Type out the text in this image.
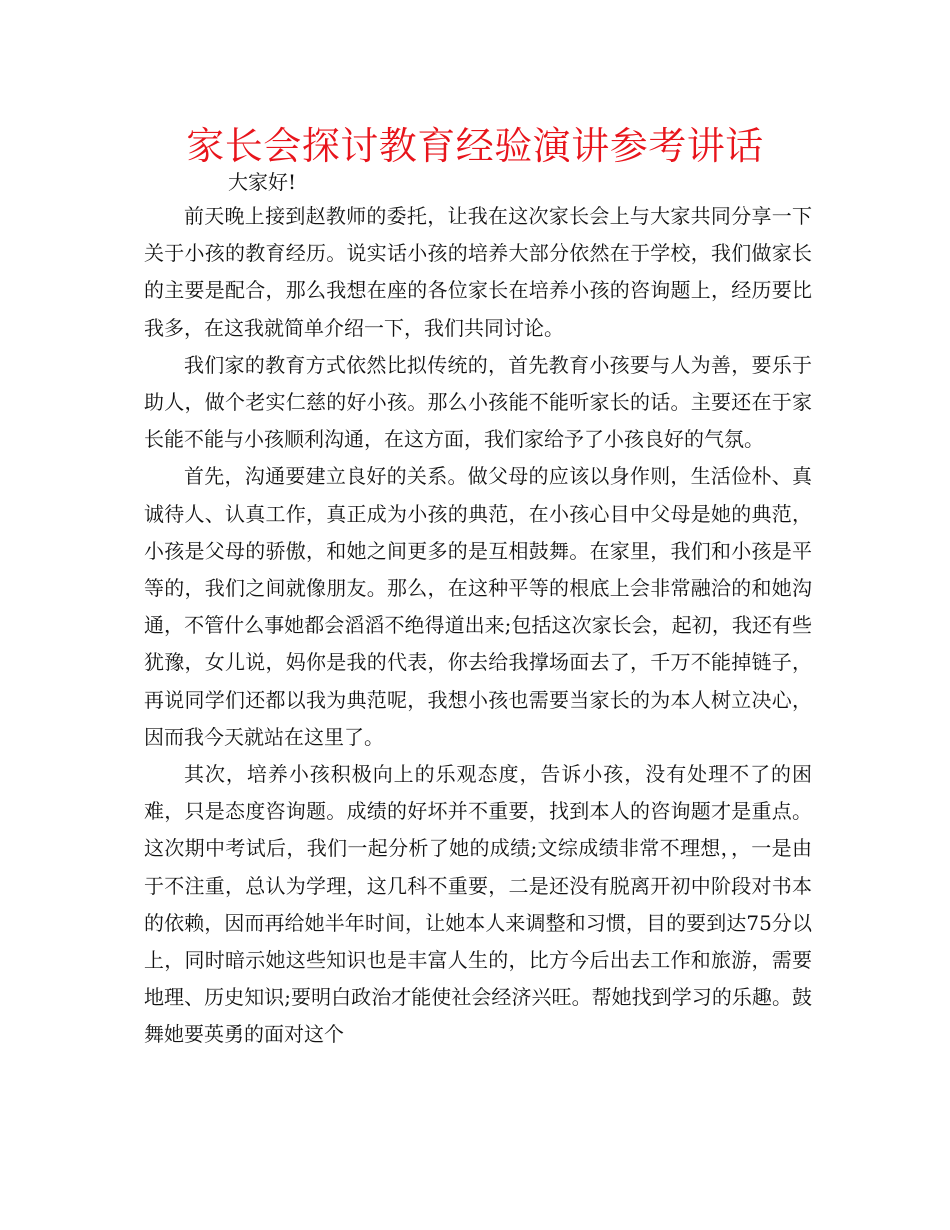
家长会探讨教育经验演讲参考讲话
大家好!

前天晚上接到赵教师的委托，让我在这次家长会上与大家共同分享一下关于小孩的教育经历。说实话小孩的培养大部分依然在于学校，我们做家长的主要是配合，那么我想在座的各位家长在培养小孩的咨询题上，经历要比我多，在这我就简单介绍一下，我们共同讨论。

我们家的教育方式依然比拟传统的，首先教育小孩要与人为善，要乐于助人，做个老实仁慈的好小孩。那么小孩能不能听家长的话。主要还在于家长能不能与小孩顺利沟通，在这方面，我们家给予了小孩良好的气氛。

首先，沟通要建立良好的关系。做父母的应该以身作则，生活俭朴、真诚待人、认真工作，真正成为小孩的典范，在小孩心目中父母是她的典范，小孩是父母的骄傲，和她之间更多的是互相鼓舞。在家里，我们和小孩是平等的，我们之间就像朋友。那么，在这种平等的根底上会非常融洽的和她沟通，不管什么事她都会滔滔不绝得道出来;包括这次家长会，起初，我还有些犹豫，女儿说，妈你是我的代表，你去给我撑场面去了，千万不能掉链子，再说同学们还都以我为典范呢，我想小孩也需要当家长的为本人树立决心，因而我今天就站在这里了。

其次，培养小孩积极向上的乐观态度，告诉小孩，没有处理不了的困难，只是态度咨询题。成绩的好坏并不重要，找到本人的咨询题才是重点。这次期中考试后，我们一起分析了她的成绩;文综成绩非常不理想，，一是由于不注重，总认为学理，这几科不重要，二是还没有脱离开初中阶段对书本的依赖，因而再给她半年时间，让她本人来调整和习惯，目的要到达75分以上，同时暗示她这些知识也是丰富人生的，比方今后出去工作和旅游，需要地理、历史知识;要明白政治才能使社会经济兴旺。帮她找到学习的乐趣。鼓舞她要英勇的面对这个
